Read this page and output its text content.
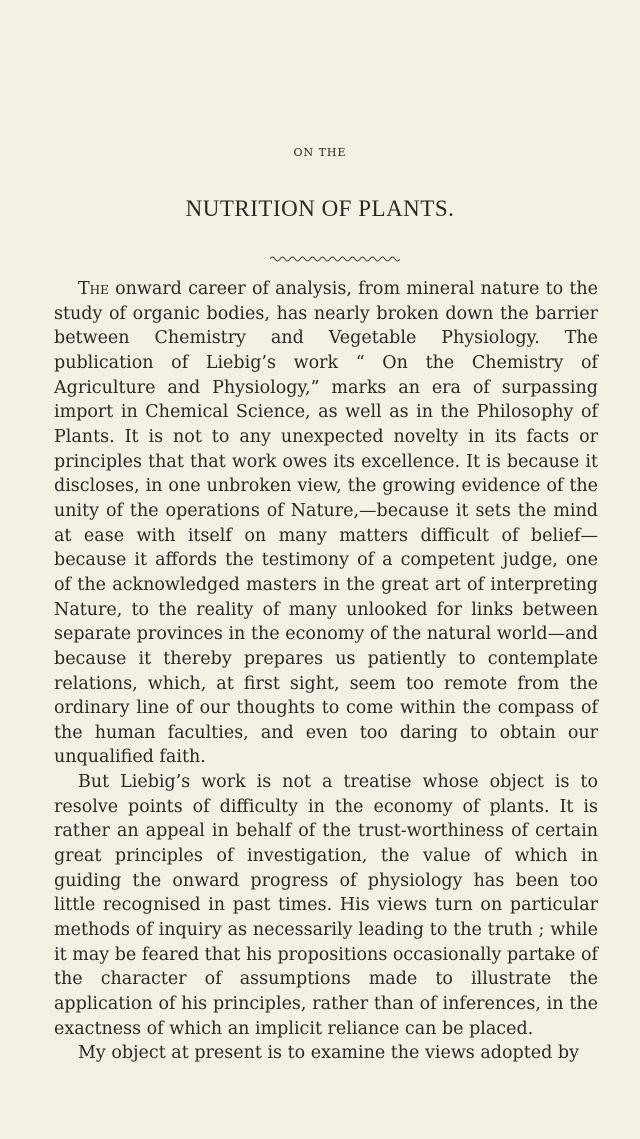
ON THE
NUTRITION OF PLANTS.

The onward career of analysis, from mineral nature to the study of organic bodies, has nearly broken down the barrier between Chemistry and Vegetable Physiology. The publication of Liebig’s work “ On the Chemistry of Agriculture and Physiology,” marks an era of surpassing import in Chemical Science, as well as in the Philosophy of Plants. It is not to any unexpected novelty in its facts or principles that that work owes its excellence. It is because it discloses, in one unbroken view, the growing evidence of the unity of the operations of Nature,—because it sets the mind at ease with itself on many matters difficult of belief—because it affords the testimony of a competent judge, one of the acknowledged masters in the great art of interpreting Nature, to the reality of many unlooked for links between separate provinces in the economy of the natural world—and because it thereby prepares us patiently to contemplate relations, which, at first sight, seem too remote from the ordinary line of our thoughts to come within the compass of the human faculties, and even too daring to obtain our unqualified faith.

But Liebig’s work is not a treatise whose object is to resolve points of difficulty in the economy of plants. It is rather an appeal in behalf of the trust-worthiness of certain great principles of investigation, the value of which in guiding the onward progress of physiology has been too little recognised in past times. His views turn on particular methods of inquiry as necessarily leading to the truth ; while it may be feared that his propositions occasionally partake of the character of assumptions made to illustrate the application of his principles, rather than of inferences, in the exactness of which an implicit reliance can be placed.

My object at present is to examine the views adopted by
